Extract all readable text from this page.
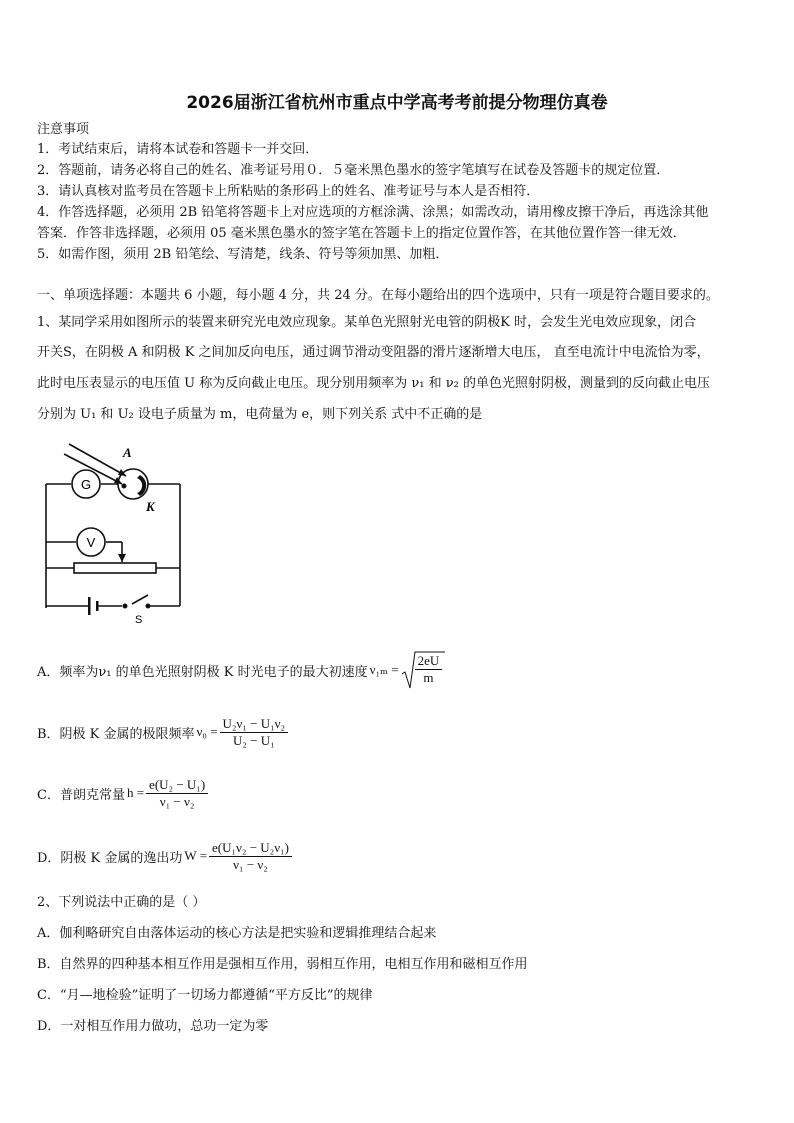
2026届浙江省杭州市重点中学高考考前提分物理仿真卷
注意事项
1．考试结束后，请将本试卷和答题卡一并交回．
2．答题前，请务必将自己的姓名、准考证号用０．５毫米黑色墨水的签字笔填写在试卷及答题卡的规定位置．
3．请认真核对监考员在答题卡上所粘贴的条形码上的姓名、准考证号与本人是否相符．
4．作答选择题，必须用 2B 铅笔将答题卡上对应选项的方框涂满、涂黑；如需改动，请用橡皮擦干净后，再选涂其他
答案．作答非选择题，必须用 05 毫米黑色墨水的签字笔在答题卡上的指定位置作答，在其他位置作答一律无效．
5．如需作图，须用 2B 铅笔绘、写清楚，线条、符号等须加黑、加粗．
一、单项选择题：本题共 6 小题，每小题 4 分，共 24 分。在每小题给出的四个选项中，只有一项是符合题目要求的。
1、某同学采用如图所示的装置来研究光电效应现象。某单色光照射光电管的阴极K 时，会发生光电效应现象，闭合
开关S，在阴极 A 和阴极 K 之间加反向电压，通过调节滑动变阻器的滑片逐渐增大电压， 直至电流计中电流恰为零，
此时电压表显示的电压值 U 称为反向截止电压。现分别用频率为 ν₁ 和 ν₂ 的单色光照射阴极，测量到的反向截止电压
分别为 U₁ 和 U₂ 设电子质量为 m，电荷量为 e，则下列关系 式中不正确的是
G
V
A
K
S
A．频率为ν₁ 的单色光照射阴极 K 时光电子的最大初速度 $\nu_{1m} = \frac{2eU}{m}$
B．阴极 K 金属的极限频率 $\nu_0 = \frac{\text{U₂ν₁ − U₁ν₂}}{\text{U₂ − U₁}}$
C．普朗克常量 $h = \frac{\text{e(U₂ − U₁)}}{\text{ν₁ − ν₂}}$
D．阴极 K 金属的逸出功 $W = \frac{\text{e(U₁ν₂ − U₂ν₁)}}{\text{ν₁ − ν₂}}$
2、下列说法中正确的是（ ）
A．伽利略研究自由落体运动的核心方法是把实验和逻辑推理结合起来
B．自然界的四种基本相互作用是强相互作用，弱相互作用，电相互作用和磁相互作用
C．“月—地检验”证明了一切场力都遵循“平方反比”的规律
D．一对相互作用力做功，总功一定为零
